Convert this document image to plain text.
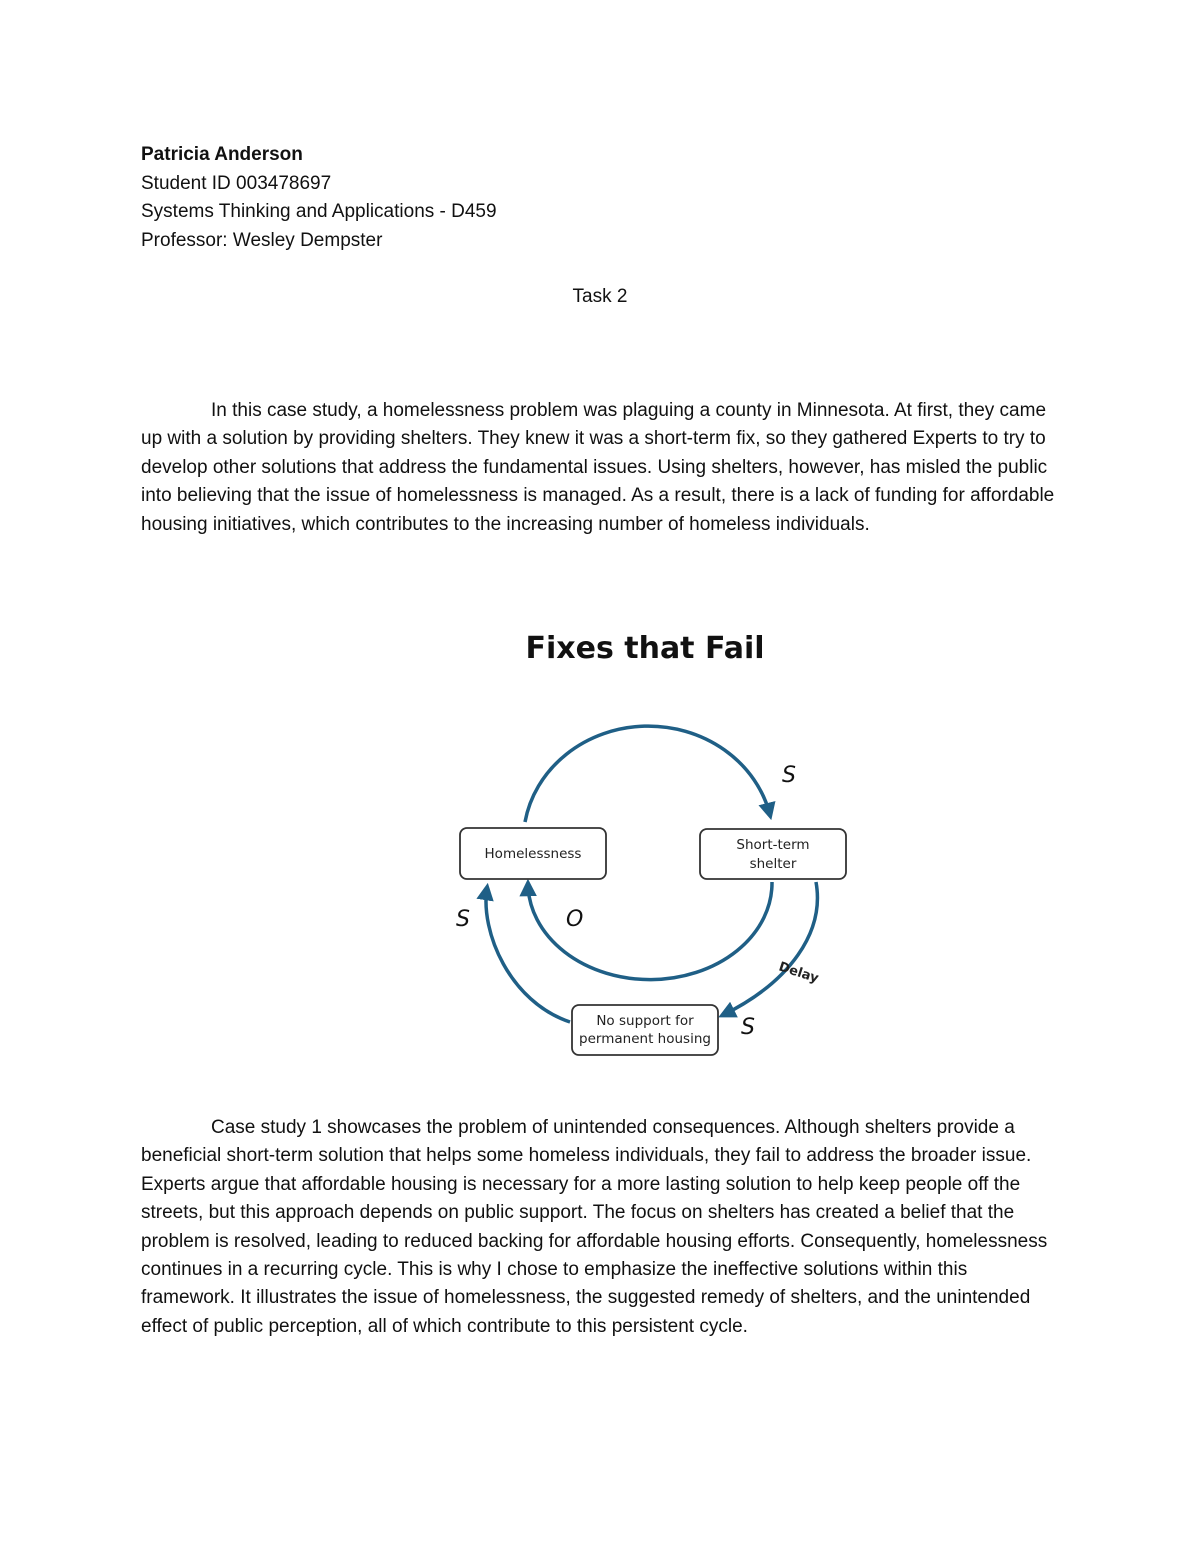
Patricia Anderson
Student ID 003478697
Systems Thinking and Applications - D459
Professor: Wesley Dempster
Task 2

In this case study, a homelessness problem was plaguing a county in Minnesota. At first, they came up with a solution by providing shelters. They knew it was a short-term fix, so they gathered Experts to try to develop other solutions that address the fundamental issues. Using shelters, however, has misled the public into believing that the issue of homelessness is managed. As a result, there is a lack of funding for affordable housing initiatives, which contributes to the increasing number of homeless individuals.

Fixes that Fail
S
O
Delay
S
S
Homelessness
Short-term
shelter
No support for
permanent housing

Case study 1 showcases the problem of unintended consequences. Although shelters provide a beneficial short-term solution that helps some homeless individuals, they fail to address the broader issue. Experts argue that affordable housing is necessary for a more lasting solution to help keep people off the streets, but this approach depends on public support. The focus on shelters has created a belief that the problem is resolved, leading to reduced backing for affordable housing efforts. Consequently, homelessness continues in a recurring cycle. This is why I chose to emphasize the ineffective solutions within this framework. It illustrates the issue of homelessness, the suggested remedy of shelters, and the unintended effect of public perception, all of which contribute to this persistent cycle.
